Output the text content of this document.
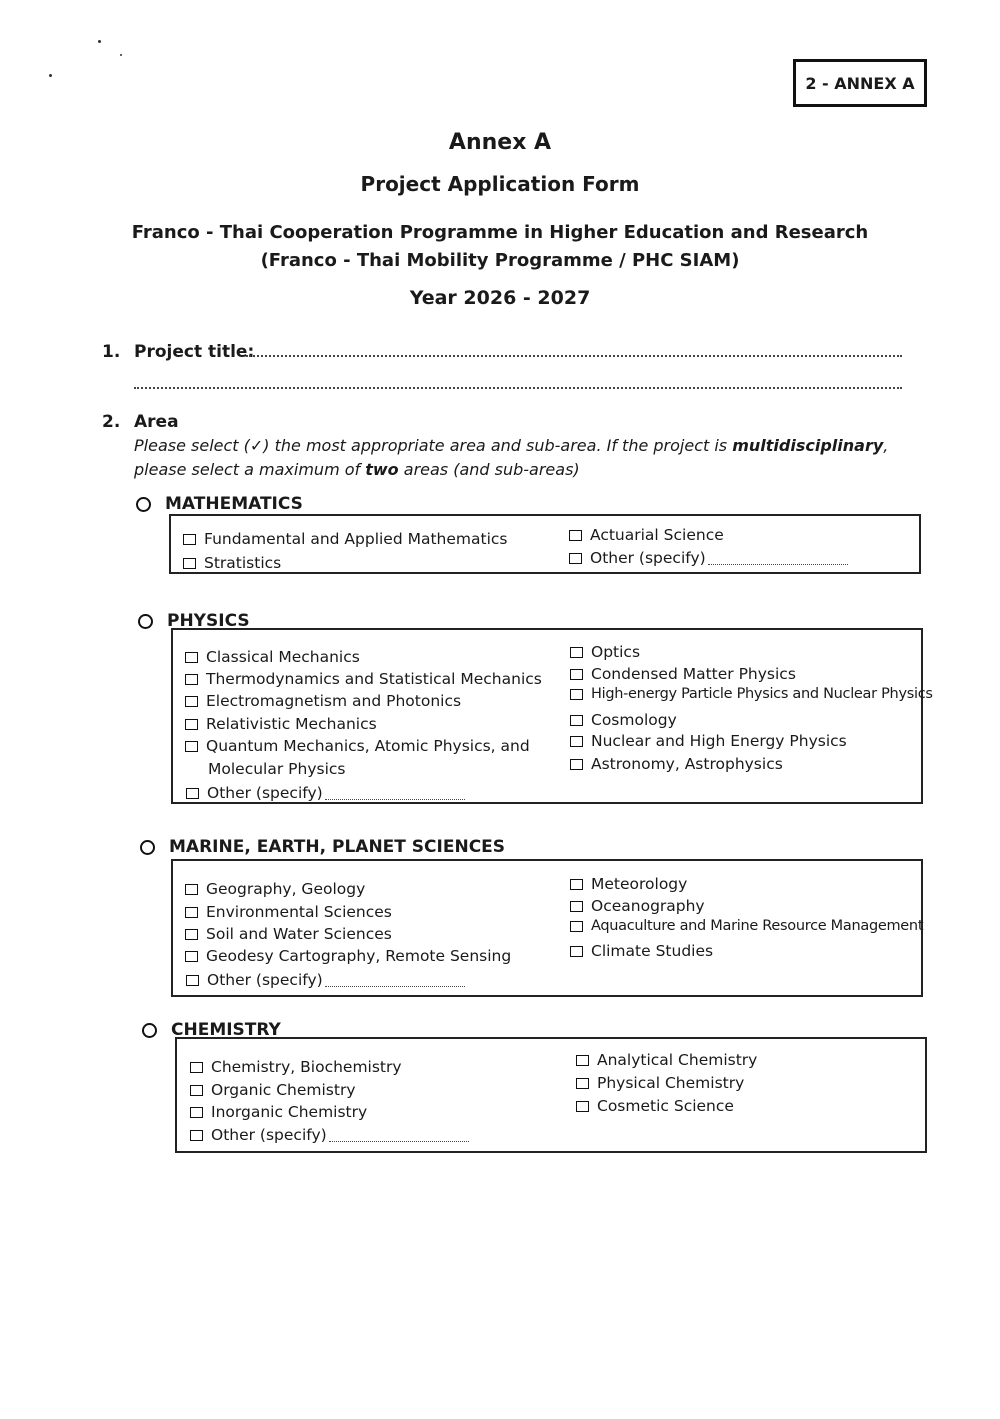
2 - ANNEX A
Annex A
Project Application Form
Franco - Thai Cooperation Programme in Higher Education and Research
(Franco - Thai Mobility Programme / PHC SIAM)
Year 2026 - 2027
1. Project title:
2. Area
Please select (✓) the most appropriate area and sub-area. If the project is multidisciplinary,
please select a maximum of two areas (and sub-areas)
MATHEMATICS
Fundamental and Applied Mathematics
Stratistics
Actuarial Science
Other (specify)
PHYSICS
Classical Mechanics
Thermodynamics and Statistical Mechanics
Electromagnetism and Photonics
Relativistic Mechanics
Quantum Mechanics, Atomic Physics, and
Molecular Physics
Other (specify)
Optics
Condensed Matter Physics
High-energy Particle Physics and Nuclear Physics
Cosmology
Nuclear and High Energy Physics
Astronomy, Astrophysics
MARINE, EARTH, PLANET SCIENCES
Geography, Geology
Environmental Sciences
Soil and Water Sciences
Geodesy Cartography, Remote Sensing
Other (specify)
Meteorology
Oceanography
Aquaculture and Marine Resource Management
Climate Studies
CHEMISTRY
Chemistry, Biochemistry
Organic Chemistry
Inorganic Chemistry
Other (specify)
Analytical Chemistry
Physical Chemistry
Cosmetic Science
